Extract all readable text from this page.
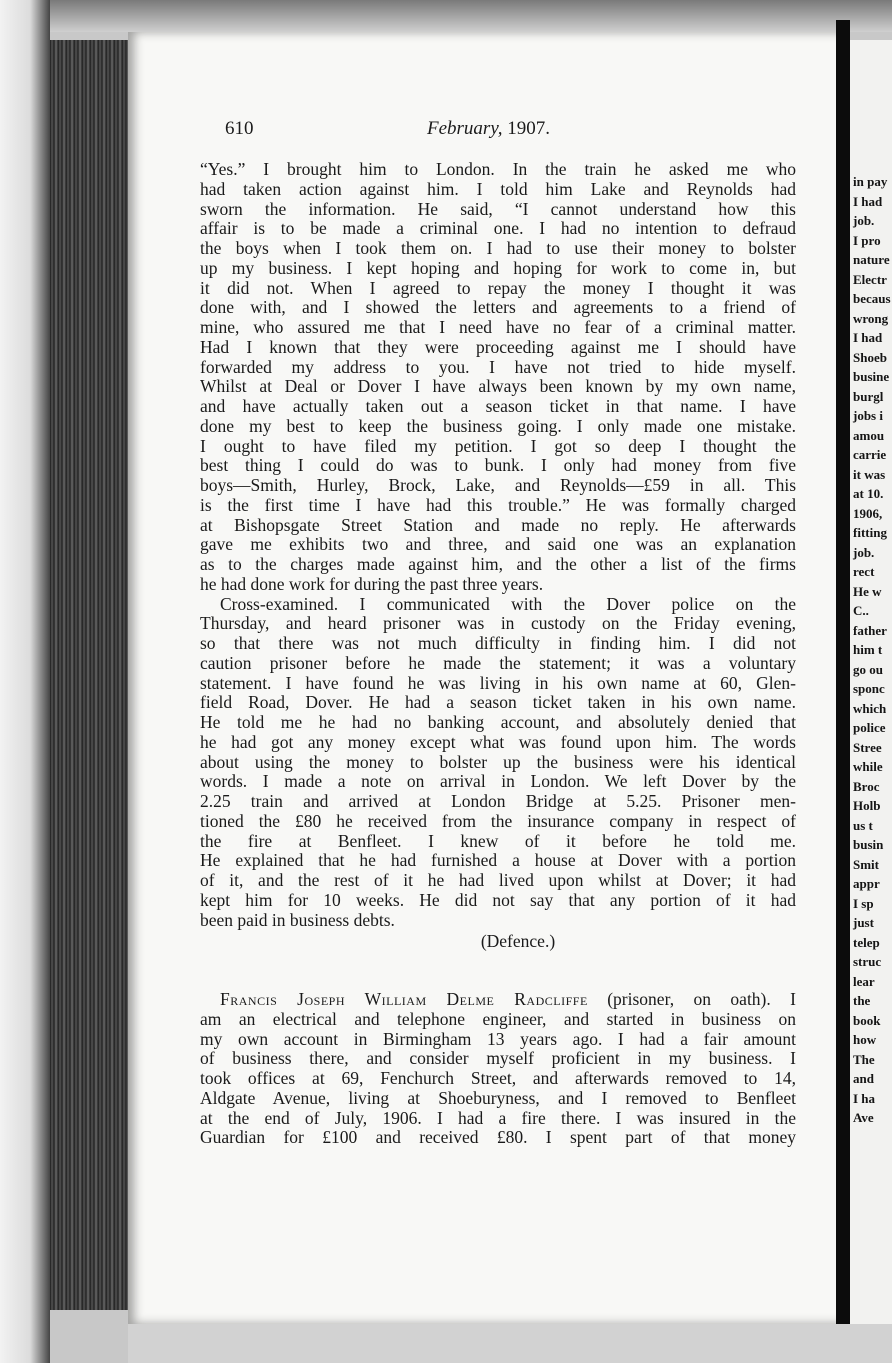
610	February, 1907.
“Yes.” I brought him to London. In the train he asked me who
had taken action against him. I told him Lake and Reynolds had
sworn the information. He said, “I cannot understand how this
affair is to be made a criminal one. I had no intention to defraud
the boys when I took them on. I had to use their money to bolster
up my business. I kept hoping and hoping for work to come in, but
it did not. When I agreed to repay the money I thought it was
done with, and I showed the letters and agreements to a friend of
mine, who assured me that I need have no fear of a criminal matter.
Had I known that they were proceeding against me I should have
forwarded my address to you. I have not tried to hide myself.
Whilst at Deal or Dover I have always been known by my own name,
and have actually taken out a season ticket in that name. I have
done my best to keep the business going. I only made one mistake.
I ought to have filed my petition. I got so deep I thought the
best thing I could do was to bunk. I only had money from five
boys—Smith, Hurley, Brock, Lake, and Reynolds—£59 in all. This
is the first time I have had this trouble.” He was formally charged
at Bishopsgate Street Station and made no reply. He afterwards
gave me exhibits two and three, and said one was an explanation
as to the charges made against him, and the other a list of the firms
he had done work for during the past three years.
Cross-examined. I communicated with the Dover police on the
Thursday, and heard prisoner was in custody on the Friday evening,
so that there was not much difficulty in finding him. I did not
caution prisoner before he made the statement; it was a voluntary
statement. I have found he was living in his own name at 60, Glen-
field Road, Dover. He had a season ticket taken in his own name.
He told me he had no banking account, and absolutely denied that
he had got any money except what was found upon him. The words
about using the money to bolster up the business were his identical
words. I made a note on arrival in London. We left Dover by the
2.25 train and arrived at London Bridge at 5.25. Prisoner men-
tioned the £80 he received from the insurance company in respect of
the fire at Benfleet. I knew of it before he told me.
He explained that he had furnished a house at Dover with a portion
of it, and the rest of it he had lived upon whilst at Dover; it had
kept him for 10 weeks. He did not say that any portion of it had
been paid in business debts.
(Defence.)
Francis Joseph William Delme Radcliffe (prisoner, on oath). I
am an electrical and telephone engineer, and started in business on
my own account in Birmingham 13 years ago. I had a fair amount
of business there, and consider myself proficient in my business. I
took offices at 69, Fenchurch Street, and afterwards removed to 14,
Aldgate Avenue, living at Shoeburyness, and I removed to Benfleet
at the end of July, 1906. I had a fire there. I was insured in the
Guardian for £100 and received £80. I spent part of that money
in pay
I had
job.
I pro
nature
Electr
becaus
wrong
I had
Shoeb
busine
burgl
jobs i
amou
carrie
it was
at 10.
1906,
fitting
job.
rect
He w
C..
father
him t
go ou
sponc
which
police
Stree
while
Broc
Holb
us t
busin
Smit
appr
I sp
just
telep
struc
lear
the
book
how
The
and
I ha
Ave
